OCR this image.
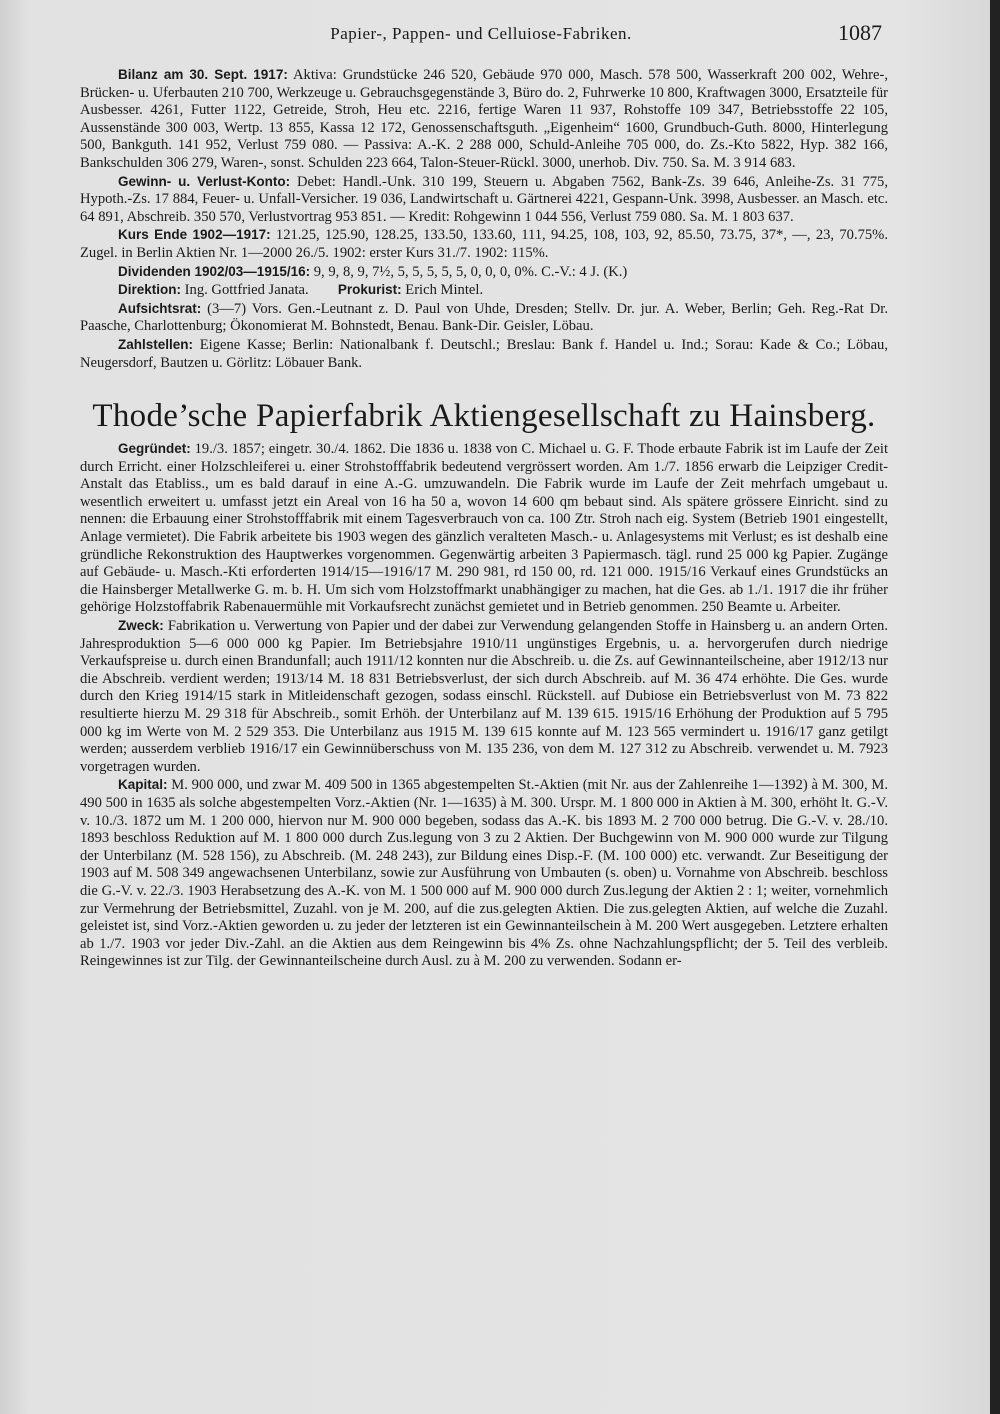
Papier-, Pappen- und Celluiose-Fabriken.	1087

Bilanz am 30. Sept. 1917: Aktiva: Grundstücke 246 520, Gebäude 970 000, Masch. 578 500, Wasserkraft 200 002, Wehre-, Brücken- u. Uferbauten 210 700, Werkzeuge u. Gebrauchsgegenstände 3, Büro do. 2, Fuhrwerke 10 800, Kraftwagen 3000, Ersatzteile für Ausbesser. 4261, Futter 1122, Getreide, Stroh, Heu etc. 2216, fertige Waren 11 937, Rohstoffe 109 347, Betriebsstoffe 22 105, Aussenstände 300 003, Wertp. 13 855, Kassa 12 172, Genossenschaftsguth. „Eigenheim“ 1600, Grundbuch-Guth. 8000, Hinterlegung 500, Bankguth. 141 952, Verlust 759 080. — Passiva: A.-K. 2 288 000, Schuld-Anleihe 705 000, do. Zs.-Kto 5822, Hyp. 382 166, Bankschulden 306 279, Waren-, sonst. Schulden 223 664, Talon-Steuer-Rückl. 3000, unerhob. Div. 750. Sa. M. 3 914 683.

Gewinn- u. Verlust-Konto: Debet: Handl.-Unk. 310 199, Steuern u. Abgaben 7562, Bank-Zs. 39 646, Anleihe-Zs. 31 775, Hypoth.-Zs. 17 884, Feuer- u. Unfall-Versicher. 19 036, Landwirtschaft u. Gärtnerei 4221, Gespann-Unk. 3998, Ausbesser. an Masch. etc. 64 891, Abschreib. 350 570, Verlustvortrag 953 851. — Kredit: Rohgewinn 1 044 556, Verlust 759 080. Sa. M. 1 803 637.

Kurs Ende 1902—1917: 121.25, 125.90, 128.25, 133.50, 133.60, 111, 94.25, 108, 103, 92, 85.50, 73.75, 37*, —, 23, 70.75%. Zugel. in Berlin Aktien Nr. 1—2000 26./5. 1902: erster Kurs 31./7. 1902: 115%.

Dividenden 1902/03—1915/16: 9, 9, 8, 9, 7½, 5, 5, 5, 5, 5, 0, 0, 0, 0%. C.-V.: 4 J. (K.)

Direktion: Ing. Gottfried Janata. Prokurist: Erich Mintel.

Aufsichtsrat: (3—7) Vors. Gen.-Leutnant z. D. Paul von Uhde, Dresden; Stellv. Dr. jur. A. Weber, Berlin; Geh. Reg.-Rat Dr. Paasche, Charlottenburg; Ökonomierat M. Bohnstedt, Benau. Bank-Dir. Geisler, Löbau.

Zahlstellen: Eigene Kasse; Berlin: Nationalbank f. Deutschl.; Breslau: Bank f. Handel u. Ind.; Sorau: Kade & Co.; Löbau, Neugersdorf, Bautzen u. Görlitz: Löbauer Bank.

Thode’sche Papierfabrik Aktiengesellschaft zu Hainsberg.

Gegründet: 19./3. 1857; eingetr. 30./4. 1862. Die 1836 u. 1838 von C. Michael u. G. F. Thode erbaute Fabrik ist im Laufe der Zeit durch Erricht. einer Holzschleiferei u. einer Strohstofffabrik bedeutend vergrössert worden. Am 1./7. 1856 erwarb die Leipziger Credit-Anstalt das Etabliss., um es bald darauf in eine A.-G. umzuwandeln. Die Fabrik wurde im Laufe der Zeit mehrfach umgebaut u. wesentlich erweitert u. umfasst jetzt ein Areal von 16 ha 50 a, wovon 14 600 qm bebaut sind. Als spätere grössere Einricht. sind zu nennen: die Erbauung einer Strohstofffabrik mit einem Tagesverbrauch von ca. 100 Ztr. Stroh nach eig. System (Betrieb 1901 eingestellt, Anlage vermietet). Die Fabrik arbeitete bis 1903 wegen des gänzlich veralteten Masch.- u. Anlagesystems mit Verlust; es ist deshalb eine gründliche Rekonstruktion des Hauptwerkes vorgenommen. Gegenwärtig arbeiten 3 Papiermasch. tägl. rund 25 000 kg Papier. Zugänge auf Gebäude- u. Masch.-Kti erforderten 1914/15—1916/17 M. 290 981, rd 150 00, rd. 121 000. 1915/16 Verkauf eines Grundstücks an die Hainsberger Metallwerke G. m. b. H. Um sich vom Holzstoffmarkt unabhängiger zu machen, hat die Ges. ab 1./1. 1917 die ihr früher gehörige Holzstoffabrik Rabenauermühle mit Vorkaufsrecht zunächst gemietet und in Betrieb genommen. 250 Beamte u. Arbeiter.

Zweck: Fabrikation u. Verwertung von Papier und der dabei zur Verwendung gelangenden Stoffe in Hainsberg u. an andern Orten. Jahresproduktion 5—6 000 000 kg Papier. Im Betriebsjahre 1910/11 ungünstiges Ergebnis, u. a. hervorgerufen durch niedrige Verkaufspreise u. durch einen Brandunfall; auch 1911/12 konnten nur die Abschreib. u. die Zs. auf Gewinnanteilscheine, aber 1912/13 nur die Abschreib. verdient werden; 1913/14 M. 18 831 Betriebsverlust, der sich durch Abschreib. auf M. 36 474 erhöhte. Die Ges. wurde durch den Krieg 1914/15 stark in Mitleidenschaft gezogen, sodass einschl. Rückstell. auf Dubiose ein Betriebsverlust von M. 73 822 resultierte hierzu M. 29 318 für Abschreib., somit Erhöh. der Unterbilanz auf M. 139 615. 1915/16 Erhöhung der Produktion auf 5 795 000 kg im Werte von M. 2 529 353. Die Unterbilanz aus 1915 M. 139 615 konnte auf M. 123 565 vermindert u. 1916/17 ganz getilgt werden; ausserdem verblieb 1916/17 ein Gewinnüberschuss von M. 135 236, von dem M. 127 312 zu Abschreib. verwendet u. M. 7923 vorgetragen wurden.

Kapital: M. 900 000, und zwar M. 409 500 in 1365 abgestempelten St.-Aktien (mit Nr. aus der Zahlenreihe 1—1392) à M. 300, M. 490 500 in 1635 als solche abgestempelten Vorz.-Aktien (Nr. 1—1635) à M. 300. Urspr. M. 1 800 000 in Aktien à M. 300, erhöht lt. G.-V. v. 10./3. 1872 um M. 1 200 000, hiervon nur M. 900 000 begeben, sodass das A.-K. bis 1893 M. 2 700 000 betrug. Die G.-V. v. 28./10. 1893 beschloss Reduktion auf M. 1 800 000 durch Zus.legung von 3 zu 2 Aktien. Der Buchgewinn von M. 900 000 wurde zur Tilgung der Unterbilanz (M. 528 156), zu Abschreib. (M. 248 243), zur Bildung eines Disp.-F. (M. 100 000) etc. verwandt. Zur Beseitigung der 1903 auf M. 508 349 angewachsenen Unterbilanz, sowie zur Ausführung von Umbauten (s. oben) u. Vornahme von Abschreib. beschloss die G.-V. v. 22./3. 1903 Herabsetzung des A.-K. von M. 1 500 000 auf M. 900 000 durch Zus.legung der Aktien 2 : 1; weiter, vornehmlich zur Vermehrung der Betriebsmittel, Zuzahl. von je M. 200, auf die zus.gelegten Aktien. Die zus.gelegten Aktien, auf welche die Zuzahl. geleistet ist, sind Vorz.-Aktien geworden u. zu jeder der letzteren ist ein Gewinnanteilschein à M. 200 Wert ausgegeben. Letztere erhalten ab 1./7. 1903 vor jeder Div.-Zahl. an die Aktien aus dem Reingewinn bis 4% Zs. ohne Nachzahlungspflicht; der 5. Teil des verbleib. Reingewinnes ist zur Tilg. der Gewinnanteilscheine durch Ausl. zu à M. 200 zu verwenden. Sodann er-
